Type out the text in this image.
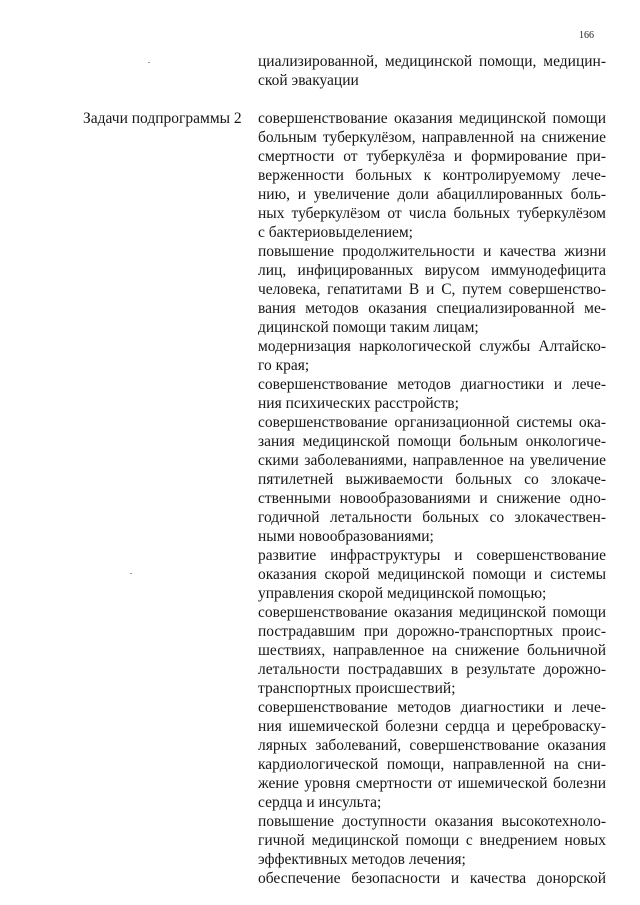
166
циализированной, медицинской помощи, медицин-
ской эвакуации
Задачи подпрограммы 2 совершенствование оказания медицинской помощи
больным туберкулёзом, направленной на снижение
смертности от туберкулёза и формирование при-
верженности больных к контролируемому лече-
нию, и увеличение доли абациллированных боль-
ных туберкулёзом от числа больных туберкулёзом
с бактериовыделением;
повышение продолжительности и качества жизни
лиц, инфицированных вирусом иммунодефицита
человека, гепатитами В и С, путем совершенство-
вания методов оказания специализированной ме-
дицинской помощи таким лицам;
модернизация наркологической службы Алтайско-
го края;
совершенствование методов диагностики и лече-
ния психических расстройств;
совершенствование организационной системы ока-
зания медицинской помощи больным онкологиче-
скими заболеваниями, направленное на увеличение
пятилетней выживаемости больных со злокаче-
ственными новообразованиями и снижение одно-
годичной летальности больных со злокачествен-
ными новообразованиями;
развитие инфраструктуры и совершенствование
оказания скорой медицинской помощи и системы
управления скорой медицинской помощью;
совершенствование оказания медицинской помощи
пострадавшим при дорожно-транспортных проис-
шествиях, направленное на снижение больничной
летальности пострадавших в результате дорожно-
транспортных происшествий;
совершенствование методов диагностики и лече-
ния ишемической болезни сердца и цереброваску-
лярных заболеваний, совершенствование оказания
кардиологической помощи, направленной на сни-
жение уровня смертности от ишемической болезни
сердца и инсульта;
повышение доступности оказания высокотехноло-
гичной медицинской помощи с внедрением новых
эффективных методов лечения;
обеспечение безопасности и качества донорской
